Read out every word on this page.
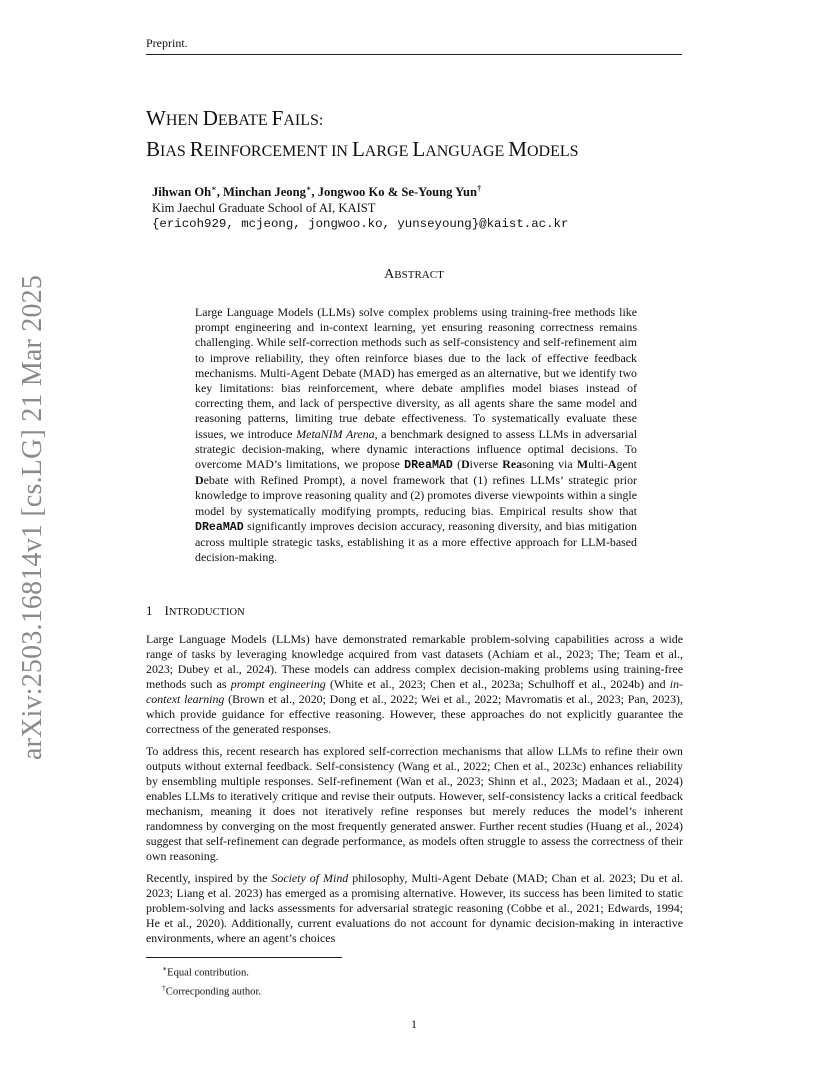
Preprint.
arXiv:2503.16814v1 [cs.LG] 21 Mar 2025
WHEN DEBATE FAILS:
BIAS REINFORCEMENT IN LARGE LANGUAGE MODELS
Jihwan Oh∗, Minchan Jeong∗, Jongwoo Ko & Se-Young Yun†
Kim Jaechul Graduate School of AI, KAIST
{ericoh929, mcjeong, jongwoo.ko, yunseyoung}@kaist.ac.kr
ABSTRACT
Large Language Models (LLMs) solve complex problems using training-free methods like prompt engineering and in-context learning, yet ensuring reasoning correctness remains challenging. While self-correction methods such as self-consistency and self-refinement aim to improve reliability, they often reinforce biases due to the lack of effective feedback mechanisms. Multi-Agent Debate (MAD) has emerged as an alternative, but we identify two key limitations: bias reinforcement, where debate amplifies model biases instead of correcting them, and lack of perspective diversity, as all agents share the same model and reasoning patterns, limiting true debate effectiveness. To systematically evaluate these issues, we introduce MetaNIM Arena, a benchmark designed to assess LLMs in adversarial strategic decision-making, where dynamic interactions influence optimal decisions. To overcome MAD’s limitations, we propose DReaMAD (Diverse Reasoning via Multi-Agent Debate with Refined Prompt), a novel framework that (1) refines LLMs’ strategic prior knowledge to improve reasoning quality and (2) promotes diverse viewpoints within a single model by systematically modifying prompts, reducing bias. Empirical results show that DReaMAD significantly improves decision accuracy, reasoning diversity, and bias mitigation across multiple strategic tasks, establishing it as a more effective approach for LLM-based decision-making.
1 INTRODUCTION

Large Language Models (LLMs) have demonstrated remarkable problem-solving capabilities across a wide range of tasks by leveraging knowledge acquired from vast datasets (Achiam et al., 2023; The; Team et al., 2023; Dubey et al., 2024). These models can address complex decision-making problems using training-free methods such as prompt engineering (White et al., 2023; Chen et al., 2023a; Schulhoff et al., 2024b) and in-context learning (Brown et al., 2020; Dong et al., 2022; Wei et al., 2022; Mavromatis et al., 2023; Pan, 2023), which provide guidance for effective reasoning. However, these approaches do not explicitly guarantee the correctness of the generated responses.

To address this, recent research has explored self-correction mechanisms that allow LLMs to refine their own outputs without external feedback. Self-consistency (Wang et al., 2022; Chen et al., 2023c) enhances reliability by ensembling multiple responses. Self-refinement (Wan et al., 2023; Shinn et al., 2023; Madaan et al., 2024) enables LLMs to iteratively critique and revise their outputs. However, self-consistency lacks a critical feedback mechanism, meaning it does not iteratively refine responses but merely reduces the model’s inherent randomness by converging on the most frequently generated answer. Further recent studies (Huang et al., 2024) suggest that self-refinement can degrade performance, as models often struggle to assess the correctness of their own reasoning.

Recently, inspired by the Society of Mind philosophy, Multi-Agent Debate (MAD; Chan et al. 2023; Du et al. 2023; Liang et al. 2023) has emerged as a promising alternative. However, its success has been limited to static problem-solving and lacks assessments for adversarial strategic reasoning (Cobbe et al., 2021; Edwards, 1994; He et al., 2020). Additionally, current evaluations do not account for dynamic decision-making in interactive environments, where an agent’s choices

∗Equal contribution.
†Correcponding author.
1
